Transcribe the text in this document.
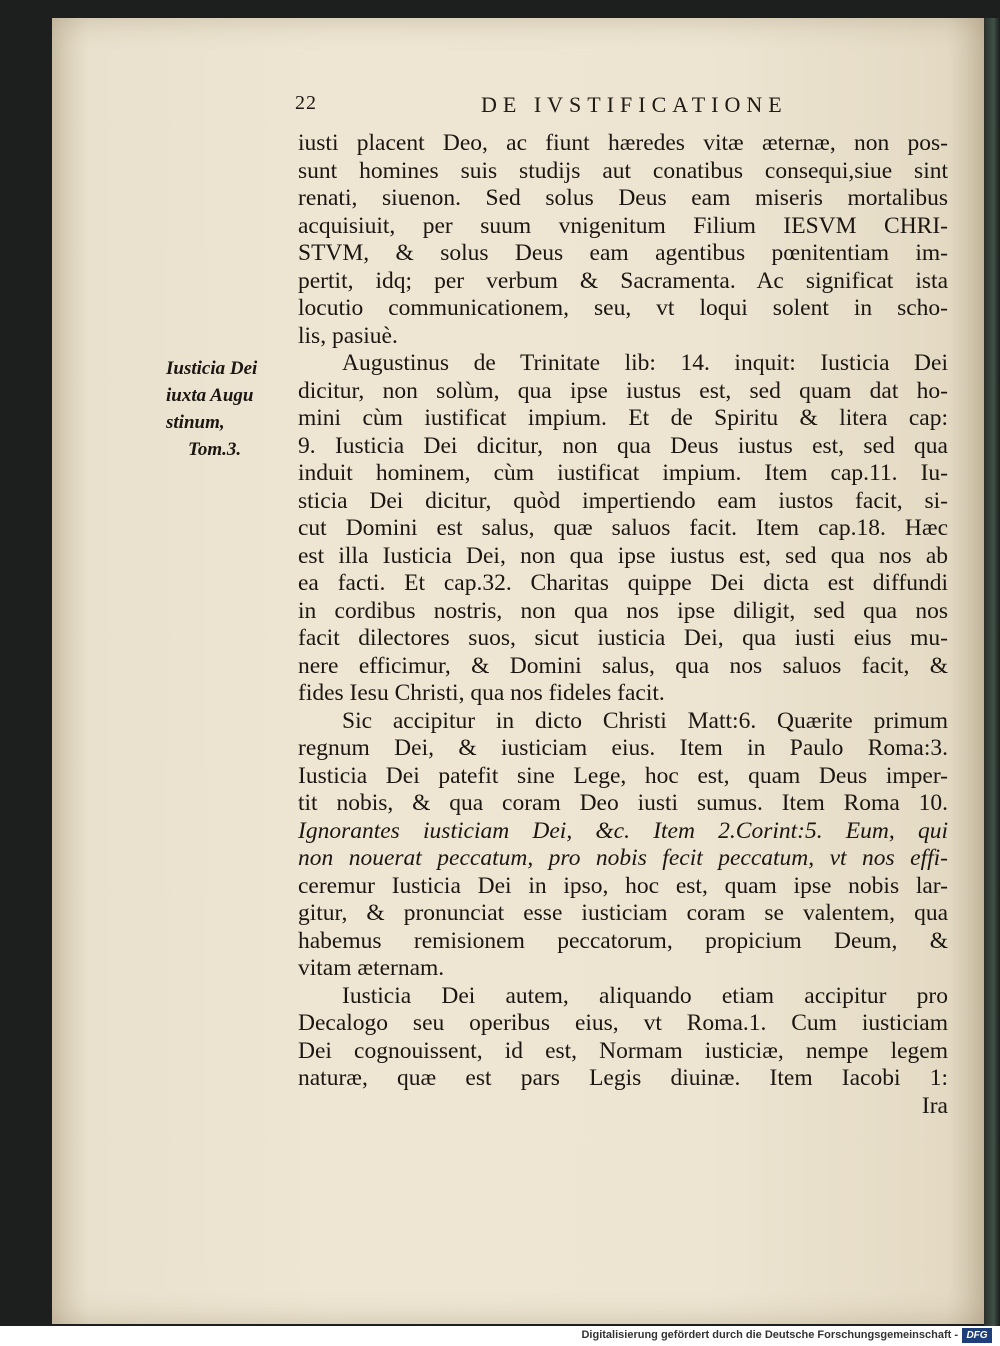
22	DE IVSTIFICATIONE
Iusticia Dei
iuxta Augu
stinum,
Tom.3.
iusti placent Deo, ac fiunt hæredes vitæ æternæ, non pos-
sunt homines suis studijs aut conatibus consequi,siue sint
renati, siuenon. Sed solus Deus eam miseris mortalibus
acquisiuit, per suum vnigenitum Filium IESVM CHRI-
STVM, & solus Deus eam agentibus pœnitentiam im-
pertit, idq; per verbum & Sacramenta. Ac significat ista
locutio communicationem, seu, vt loqui solent in scho-
lis, pasiuè.
Augustinus de Trinitate lib: 14. inquit: Iusticia Dei
dicitur, non solùm, qua ipse iustus est, sed quam dat ho-
mini cùm iustificat impium. Et de Spiritu & litera cap:
9. Iusticia Dei dicitur, non qua Deus iustus est, sed qua
induit hominem, cùm iustificat impium. Item cap.11. Iu-
sticia Dei dicitur, quòd impertiendo eam iustos facit, si-
cut Domini est salus, quæ saluos facit. Item cap.18. Hæc
est illa Iusticia Dei, non qua ipse iustus est, sed qua nos ab
ea facti. Et cap.32. Charitas quippe Dei dicta est diffundi
in cordibus nostris, non qua nos ipse diligit, sed qua nos
facit dilectores suos, sicut iusticia Dei, qua iusti eius mu-
nere efficimur, & Domini salus, qua nos saluos facit, &
fides Iesu Christi, qua nos fideles facit.
Sic accipitur in dicto Christi Matt:6. Quærite primum
regnum Dei, & iusticiam eius. Item in Paulo Roma:3.
Iusticia Dei patefit sine Lege, hoc est, quam Deus imper-
tit nobis, & qua coram Deo iusti sumus. Item Roma 10.
Ignorantes iusticiam Dei, &c. Item 2.Corint:5. Eum, qui
non nouerat peccatum, pro nobis fecit peccatum, vt nos effi-
ceremur Iusticia Dei in ipso, hoc est, quam ipse nobis lar-
gitur, & pronunciat esse iusticiam coram se valentem, qua
habemus remisionem peccatorum, propicium Deum, &
vitam æternam.
Iusticia Dei autem, aliquando etiam accipitur pro
Decalogo seu operibus eius, vt Roma.1. Cum iusticiam
Dei cognouissent, id est, Normam iusticiæ, nempe legem
naturæ, quæ est pars Legis diuinæ. Item Iacobi 1:
Ira
Digitalisierung gefördert durch die Deutsche Forschungsgemeinschaft - DFG
